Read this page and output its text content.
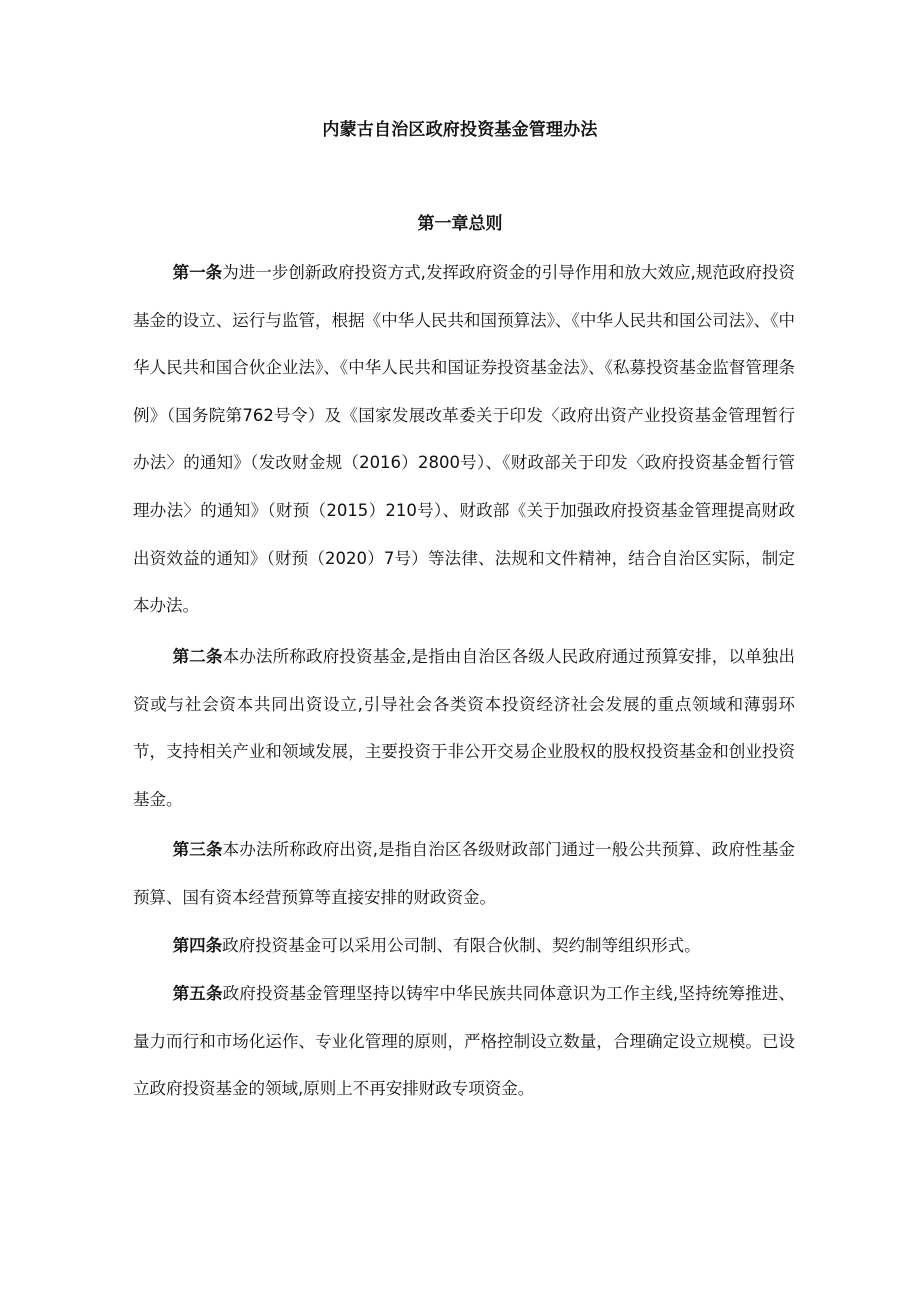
内蒙古自治区政府投资基金管理办法
第一章总则

第一条为进一步创新政府投资方式,发挥政府资金的引导作用和放大效应,规范政府投资基金的设立、运行与监管，根据《中华人民共和国预算法》、《中华人民共和国公司法》、《中华人民共和国合伙企业法》、《中华人民共和国证券投资基金法》、《私募投资基金监督管理条例》（国务院第762号令）及《国家发展改革委关于印发〈政府出资产业投资基金管理暂行办法〉的通知》（发改财金规（2016）2800号）、《财政部关于印发〈政府投资基金暂行管理办法〉的通知》（财预（2015）210号）、财政部《关于加强政府投资基金管理提高财政出资效益的通知》（财预（2020）7号）等法律、法规和文件精神，结合自治区实际，制定本办法。

第二条本办法所称政府投资基金,是指由自治区各级人民政府通过预算安排，以单独出资或与社会资本共同出资设立,引导社会各类资本投资经济社会发展的重点领域和薄弱环节，支持相关产业和领域发展，主要投资于非公开交易企业股权的股权投资基金和创业投资基金。

第三条本办法所称政府出资,是指自治区各级财政部门通过一般公共预算、政府性基金预算、国有资本经营预算等直接安排的财政资金。

第四条政府投资基金可以采用公司制、有限合伙制、契约制等组织形式。

第五条政府投资基金管理坚持以铸牢中华民族共同体意识为工作主线,坚持统筹推进、量力而行和市场化运作、专业化管理的原则，严格控制设立数量，合理确定设立规模。已设立政府投资基金的领域,原则上不再安排财政专项资金。
